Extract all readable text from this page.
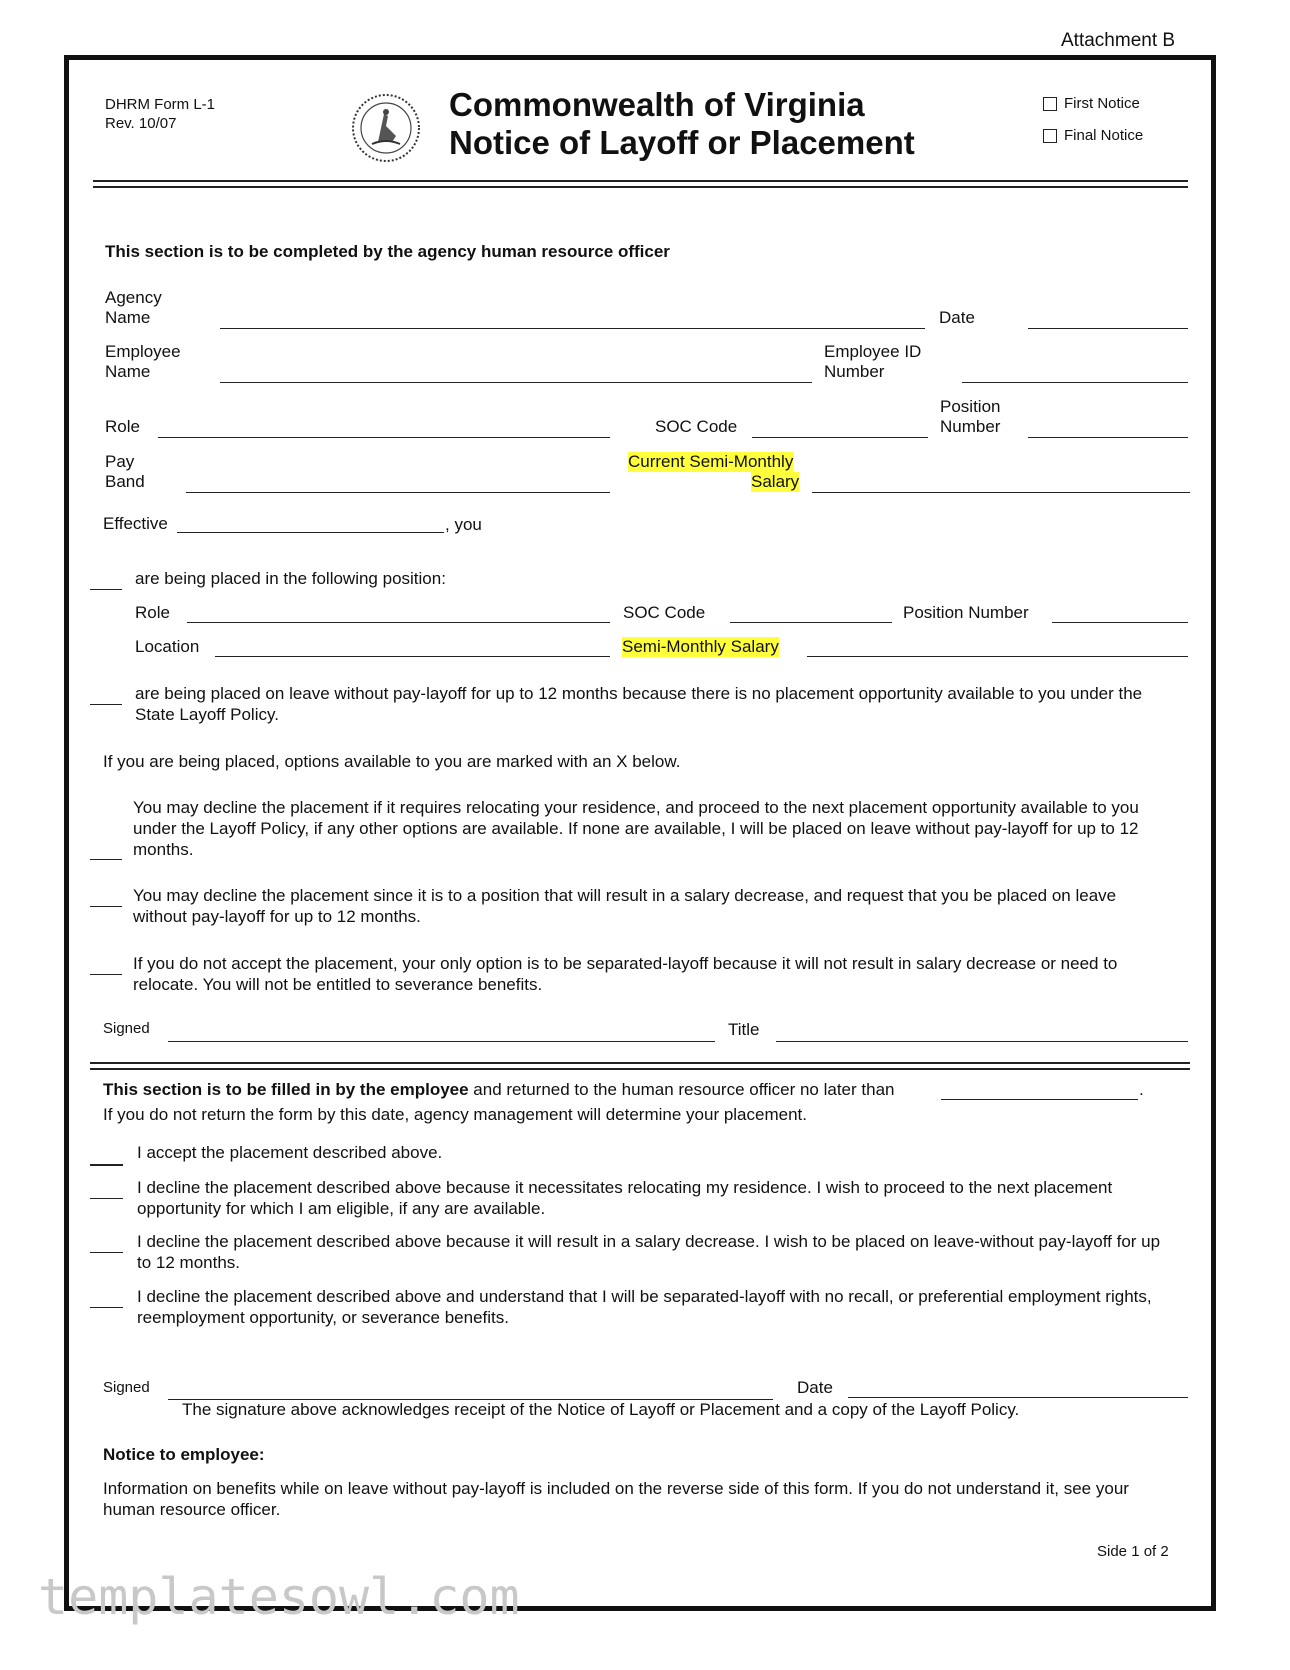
Attachment B
DHRM Form L-1
Rev. 10/07
Commonwealth of Virginia
Notice of Layoff or Placement
First Notice
Final Notice
This section is to be completed by the agency human resource officer
Agency
Name	Date
Employee
Name
Employee ID
Number
Role	SOC Code
Position
Number
Pay
Band
Current Semi-Monthly
Salary
Effective	, you
are being placed in the following position:
Role	SOC Code	Position Number
Location	Semi-Monthly Salary
are being placed on leave without pay-layoff for up to 12 months because there is no placement opportunity available to you under the State Layoff Policy.
If you are being placed, options available to you are marked with an X below.
You may decline the placement if it requires relocating your residence, and proceed to the next placement opportunity available to you under the Layoff Policy, if any other options are available. If none are available, I will be placed on leave without pay-layoff for up to 12 months.
You may decline the placement since it is to a position that will result in a salary decrease, and request that you be placed on leave without pay-layoff for up to 12 months.
If you do not accept the placement, your only option is to be separated-layoff because it will not result in salary decrease or need to relocate. You will not be entitled to severance benefits.
Signed	Title
This section is to be filled in by the employee and returned to the human resource officer no later than	.
If you do not return the form by this date, agency management will determine your placement.
I accept the placement described above.
I decline the placement described above because it necessitates relocating my residence. I wish to proceed to the next placement opportunity for which I am eligible, if any are available.
I decline the placement described above because it will result in a salary decrease. I wish to be placed on leave-without pay-layoff for up to 12 months.
I decline the placement described above and understand that I will be separated-layoff with no recall, or preferential employment rights, reemployment opportunity, or severance benefits.
Signed	Date
The signature above acknowledges receipt of the Notice of Layoff or Placement and a copy of the Layoff Policy.
Notice to employee:
Information on benefits while on leave without pay-layoff is included on the reverse side of this form. If you do not understand it, see your human resource officer.
Side 1 of 2
templatesowl.com
